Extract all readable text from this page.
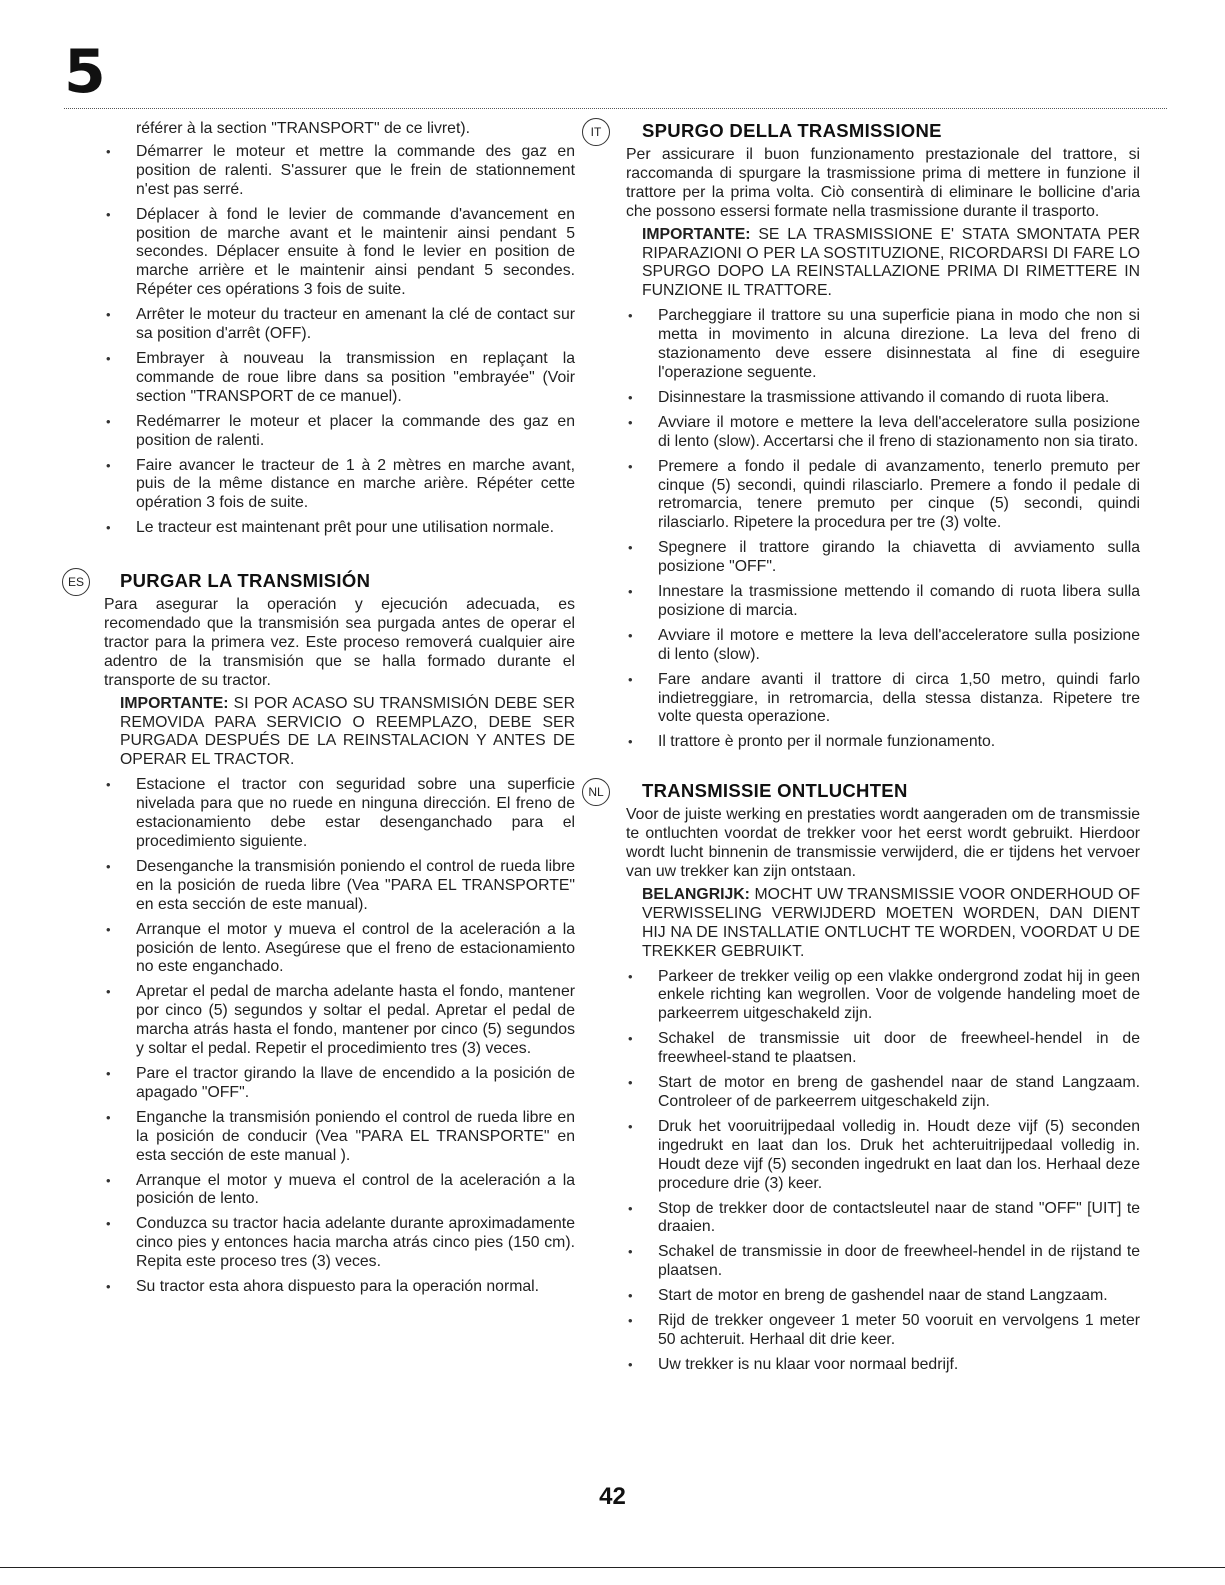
5

référer à la section "TRANSPORT" de ce livret).

• Démarrer le moteur et mettre la commande des gaz en position de ralenti. S'assurer que le frein de stationnement n'est pas serré.
• Déplacer à fond le levier de commande d'avancement en position de marche avant et le maintenir ainsi pendant 5 secondes. Déplacer ensuite à fond le levier en position de marche arrière et le maintenir ainsi pendant 5 secondes. Répéter ces opérations 3 fois de suite.
• Arrêter le moteur du tracteur en amenant la clé de contact sur sa position d'arrêt (OFF).
• Embrayer à nouveau la transmission en replaçant la commande de roue libre dans sa position "embrayée" (Voir section "TRANSPORT de ce manuel).
• Redémarrer le moteur et placer la commande des gaz en position de ralenti.
• Faire avancer le tracteur de 1 à 2 mètres en marche avant, puis de la même distance en marche arière. Répéter cette opération 3 fois de suite.
• Le tracteur est maintenant prêt pour une utilisation normale.
ES	PURGAR LA TRANSMISIÓN

Para asegurar la operación y ejecución adecuada, es recomendado que la transmisión sea purgada antes de operar el tractor para la primera vez. Este proceso removerá cualquier aire adentro de la transmisión que se halla formado durante el transporte de su tractor.

IMPORTANTE: SI POR ACASO SU TRANSMISIÓN DEBE SER REMOVIDA PARA SERVICIO O REEMPLAZO, DEBE SER PURGADA DESPUÉS DE LA REINSTALACION Y ANTES DE OPERAR EL TRACTOR.

• Estacione el tractor con seguridad sobre una superficie nivelada para que no ruede en ninguna dirección. El freno de estacionamiento debe estar desenganchado para el procedimiento siguiente.
• Desenganche la transmisión poniendo el control de rueda libre en la posición de rueda libre (Vea "PARA EL TRANSPORTE" en esta sección de este manual).
• Arranque el motor y mueva el control de la aceleración a la posición de lento. Asegúrese que el freno de estacionamiento no este enganchado.
• Apretar el pedal de marcha adelante hasta el fondo, mantener por cinco (5) segundos y soltar el pedal. Apretar el pedal de marcha atrás hasta el fondo, mantener por cinco (5) segundos y soltar el pedal. Repetir el procedimiento tres (3) veces.
• Pare el tractor girando la llave de encendido a la posición de apagado "OFF".
• Enganche la transmisión poniendo el control de rueda libre en la posición de conducir (Vea "PARA EL TRANSPORTE" en esta sección de este manual ).
• Arranque el motor y mueva el control de la aceleración a la posición de lento.
• Conduzca su tractor hacia adelante durante aproximadamente cinco pies y entonces hacia marcha atrás cinco pies (150 cm). Repita este proceso tres (3) veces.
• Su tractor esta ahora dispuesto para la operación normal.
IT	SPURGO DELLA TRASMISSIONE

Per assicurare il buon funzionamento prestazionale del trattore, si raccomanda di spurgare la trasmissione prima di mettere in funzione il trattore per la prima volta. Ciò consentirà di eliminare le bollicine d'aria che possono essersi formate nella trasmissione durante il trasporto.

IMPORTANTE: SE LA TRASMISSIONE E' STATA SMONTATA PER RIPARAZIONI O PER LA SOSTITUZIONE, RICORDARSI DI FARE LO SPURGO DOPO LA REINSTALLAZIONE PRIMA DI RIMETTERE IN FUNZIONE IL TRATTORE.

• Parcheggiare il trattore su una superficie piana in modo che non si metta in movimento in alcuna direzione. La leva del freno di stazionamento deve essere disinnestata al fine di eseguire l'operazione seguente.
• Disinnestare la trasmissione attivando il comando di ruota libera.
• Avviare il motore e mettere la leva dell'acceleratore sulla posizione di lento (slow). Accertarsi che il freno di stazionamento non sia tirato.
• Premere a fondo il pedale di avanzamento, tenerlo premuto per cinque (5) secondi, quindi rilasciarlo. Premere a fondo il pedale di retromarcia, tenere premuto per cinque (5) secondi, quindi rilasciarlo. Ripetere la procedura per tre (3) volte.
• Spegnere il trattore girando la chiavetta di avviamento sulla posizione "OFF".
• Innestare la trasmissione mettendo il comando di ruota libera sulla posizione di marcia.
• Avviare il motore e mettere la leva dell'acceleratore sulla posizione di lento (slow).
• Fare andare avanti il trattore di circa 1,50 metro, quindi farlo indietreggiare, in retromarcia, della stessa distanza. Ripetere tre volte questa operazione.
• Il trattore è pronto per il normale funzionamento.
NL	TRANSMISSIE ONTLUCHTEN

Voor de juiste werking en prestaties wordt aangeraden om de transmissie te ontluchten voordat de trekker voor het eerst wordt gebruikt. Hierdoor wordt lucht binnenin de transmissie verwijderd, die er tijdens het vervoer van uw trekker kan zijn ontstaan.

BELANGRIJK: MOCHT UW TRANSMISSIE VOOR ONDERHOUD OF VERWISSELING VERWIJDERD MOETEN WORDEN, DAN DIENT HIJ NA DE INSTALLATIE ONTLUCHT TE WORDEN, VOORDAT U DE TREKKER GEBRUIKT.

• Parkeer de trekker veilig op een vlakke ondergrond zodat hij in geen enkele richting kan wegrollen. Voor de volgende handeling moet de parkeerrem uitgeschakeld zijn.
• Schakel de transmissie uit door de freewheel-hendel in de freewheel-stand te plaatsen.
• Start de motor en breng de gashendel naar de stand Langzaam. Controleer of de parkeerrem uitgeschakeld zijn.
• Druk het vooruitrijpedaal volledig in. Houdt deze vijf (5) seconden ingedrukt en laat dan los. Druk het achteruitrijpedaal volledig in. Houdt deze vijf (5) seconden ingedrukt en laat dan los. Herhaal deze procedure drie (3) keer.
• Stop de trekker door de contactsleutel naar de stand "OFF" [UIT] te draaien.
• Schakel de transmissie in door de freewheel-hendel in de rijstand te plaatsen.
• Start de motor en breng de gashendel naar de stand Langzaam.
• Rijd de trekker ongeveer 1 meter 50 vooruit en vervolgens 1 meter 50 achteruit. Herhaal dit drie keer.
• Uw trekker is nu klaar voor normaal bedrijf.
42
